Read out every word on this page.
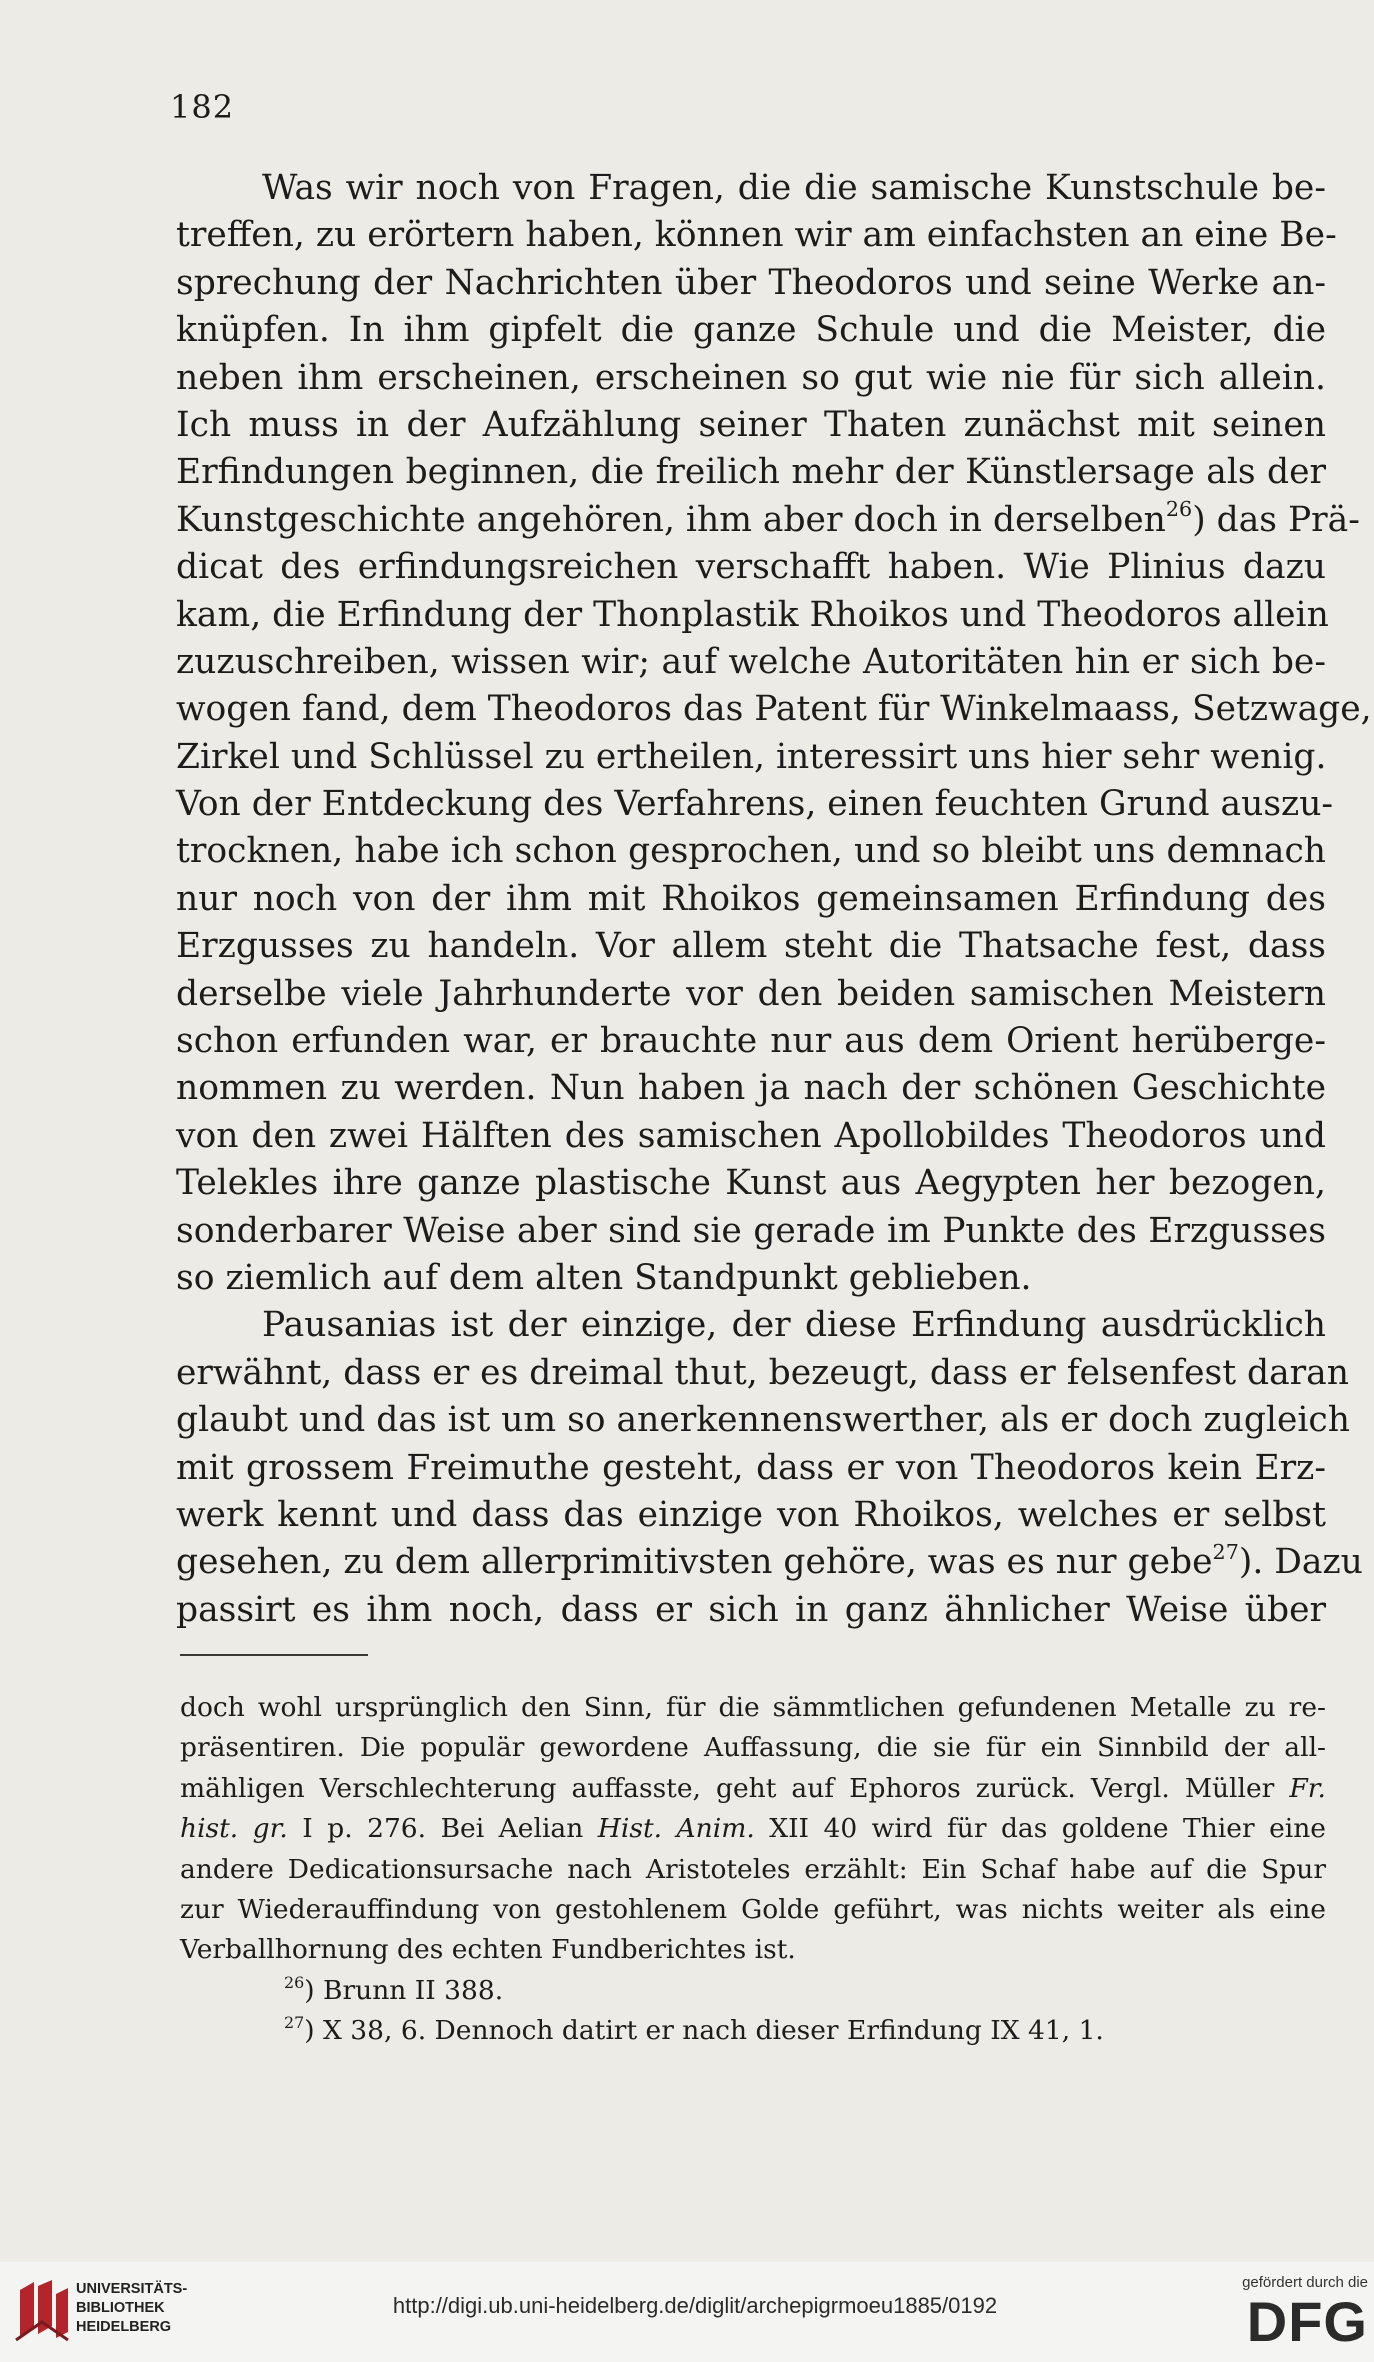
182
Was wir noch von Fragen, die die samische Kunstschule be-
treffen, zu erörtern haben, können wir am einfachsten an eine Be-
sprechung der Nachrichten über Theodoros und seine Werke an-
knüpfen. In ihm gipfelt die ganze Schule und die Meister, die
neben ihm erscheinen, erscheinen so gut wie nie für sich allein.
Ich muss in der Aufzählung seiner Thaten zunächst mit seinen
Erfindungen beginnen, die freilich mehr der Künstlersage als der
Kunstgeschichte angehören, ihm aber doch in derselben$^{26}$) das Prä-
dicat des erfindungsreichen verschafft haben. Wie Plinius dazu
kam, die Erfindung der Thonplastik Rhoikos und Theodoros allein
zuzuschreiben, wissen wir; auf welche Autoritäten hin er sich be-
wogen fand, dem Theodoros das Patent für Winkelmaass, Setzwage,
Zirkel und Schlüssel zu ertheilen, interessirt uns hier sehr wenig.
Von der Entdeckung des Verfahrens, einen feuchten Grund auszu-
trocknen, habe ich schon gesprochen, und so bleibt uns demnach
nur noch von der ihm mit Rhoikos gemeinsamen Erfindung des
Erzgusses zu handeln. Vor allem steht die Thatsache fest, dass
derselbe viele Jahrhunderte vor den beiden samischen Meistern
schon erfunden war, er brauchte nur aus dem Orient herüberge-
nommen zu werden. Nun haben ja nach der schönen Geschichte
von den zwei Hälften des samischen Apollobildes Theodoros und
Telekles ihre ganze plastische Kunst aus Aegypten her bezogen,
sonderbarer Weise aber sind sie gerade im Punkte des Erzgusses
so ziemlich auf dem alten Standpunkt geblieben.
Pausanias ist der einzige, der diese Erfindung ausdrücklich
erwähnt, dass er es dreimal thut, bezeugt, dass er felsenfest daran
glaubt und das ist um so anerkennenswerther, als er doch zugleich
mit grossem Freimuthe gesteht, dass er von Theodoros kein Erz-
werk kennt und dass das einzige von Rhoikos, welches er selbst
gesehen, zu dem allerprimitivsten gehöre, was es nur gebe$^{27}$). Dazu
passirt es ihm noch, dass er sich in ganz ähnlicher Weise über
doch wohl ursprünglich den Sinn, für die sämmtlichen gefundenen Metalle zu re-
präsentiren. Die populär gewordene Auffassung, die sie für ein Sinnbild der all-
mähligen Verschlechterung auffasste, geht auf Ephoros zurück. Vergl. Müller Fr.
hist. gr. I p. 276. Bei Aelian Hist. Anim. XII 40 wird für das goldene Thier eine
andere Dedicationsursache nach Aristoteles erzählt: Ein Schaf habe auf die Spur
zur Wiederauffindung von gestohlenem Golde geführt, was nichts weiter als eine
Verballhornung des echten Fundberichtes ist.
$^{26}$) Brunn II 388.
$^{27}$) X 38, 6. Dennoch datirt er nach dieser Erfindung IX 41, 1.
UNIVERSITÄTS-
BIBLIOTHEK
HEIDELBERG
http://digi.ub.uni-heidelberg.de/diglit/archepigrmoeu1885/0192
gefördert durch die
DFG
